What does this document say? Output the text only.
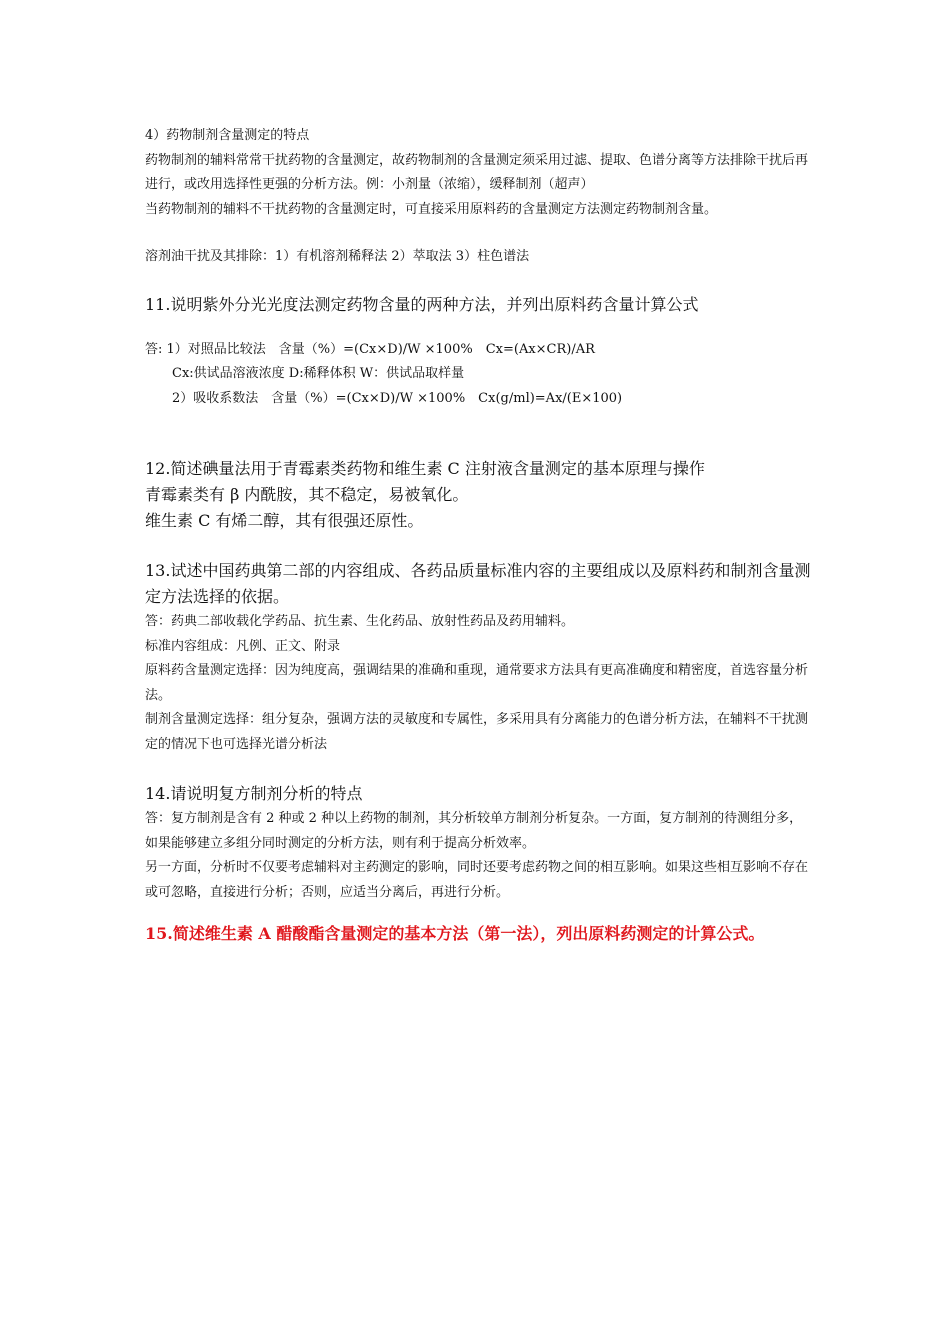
4）药物制剂含量测定的特点

药物制剂的辅料常常干扰药物的含量测定，故药物制剂的含量测定须采用过滤、提取、色谱分离等方法排除干扰后再进行，或改用选择性更强的分析方法。例：小剂量（浓缩），缓释制剂（超声）

当药物制剂的辅料不干扰药物的含量测定时，可直接采用原料药的含量测定方法测定药物制剂含量。

溶剂油干扰及其排除：1）有机溶剂稀释法 2）萃取法 3）柱色谱法

11.说明紫外分光光度法测定药物含量的两种方法，并列出原料药含量计算公式

答: 1）对照品比较法　含量（%）=(Cx×D)/W ×100%　Cx=(Ax×CR)/AR

Cx:供试品溶液浓度 D:稀释体积 W：供试品取样量

2）吸收系数法　含量（%）=(Cx×D)/W ×100%　Cx(g/ml)=Ax/(E×100)

12.简述碘量法用于青霉素类药物和维生素 C 注射液含量测定的基本原理与操作

青霉素类有 β 内酰胺，其不稳定，易被氧化。

维生素 C 有烯二醇，其有很强还原性。

13.试述中国药典第二部的内容组成、各药品质量标准内容的主要组成以及原料药和制剂含量测定方法选择的依据。

答：药典二部收载化学药品、抗生素、生化药品、放射性药品及药用辅料。

标准内容组成：凡例、正文、附录

原料药含量测定选择：因为纯度高，强调结果的准确和重现，通常要求方法具有更高准确度和精密度，首选容量分析法。

制剂含量测定选择：组分复杂，强调方法的灵敏度和专属性，多采用具有分离能力的色谱分析方法，在辅料不干扰测定的情况下也可选择光谱分析法

14.请说明复方制剂分析的特点

答：复方制剂是含有 2 种或 2 种以上药物的制剂，其分析较单方制剂分析复杂。一方面，复方制剂的待测组分多，如果能够建立多组分同时测定的分析方法，则有利于提高分析效率。

另一方面，分析时不仅要考虑辅料对主药测定的影响，同时还要考虑药物之间的相互影响。如果这些相互影响不存在或可忽略，直接进行分析；否则，应适当分离后，再进行分析。

15.简述维生素 A 醋酸酯含量测定的基本方法（第一法），列出原料药测定的计算公式。
